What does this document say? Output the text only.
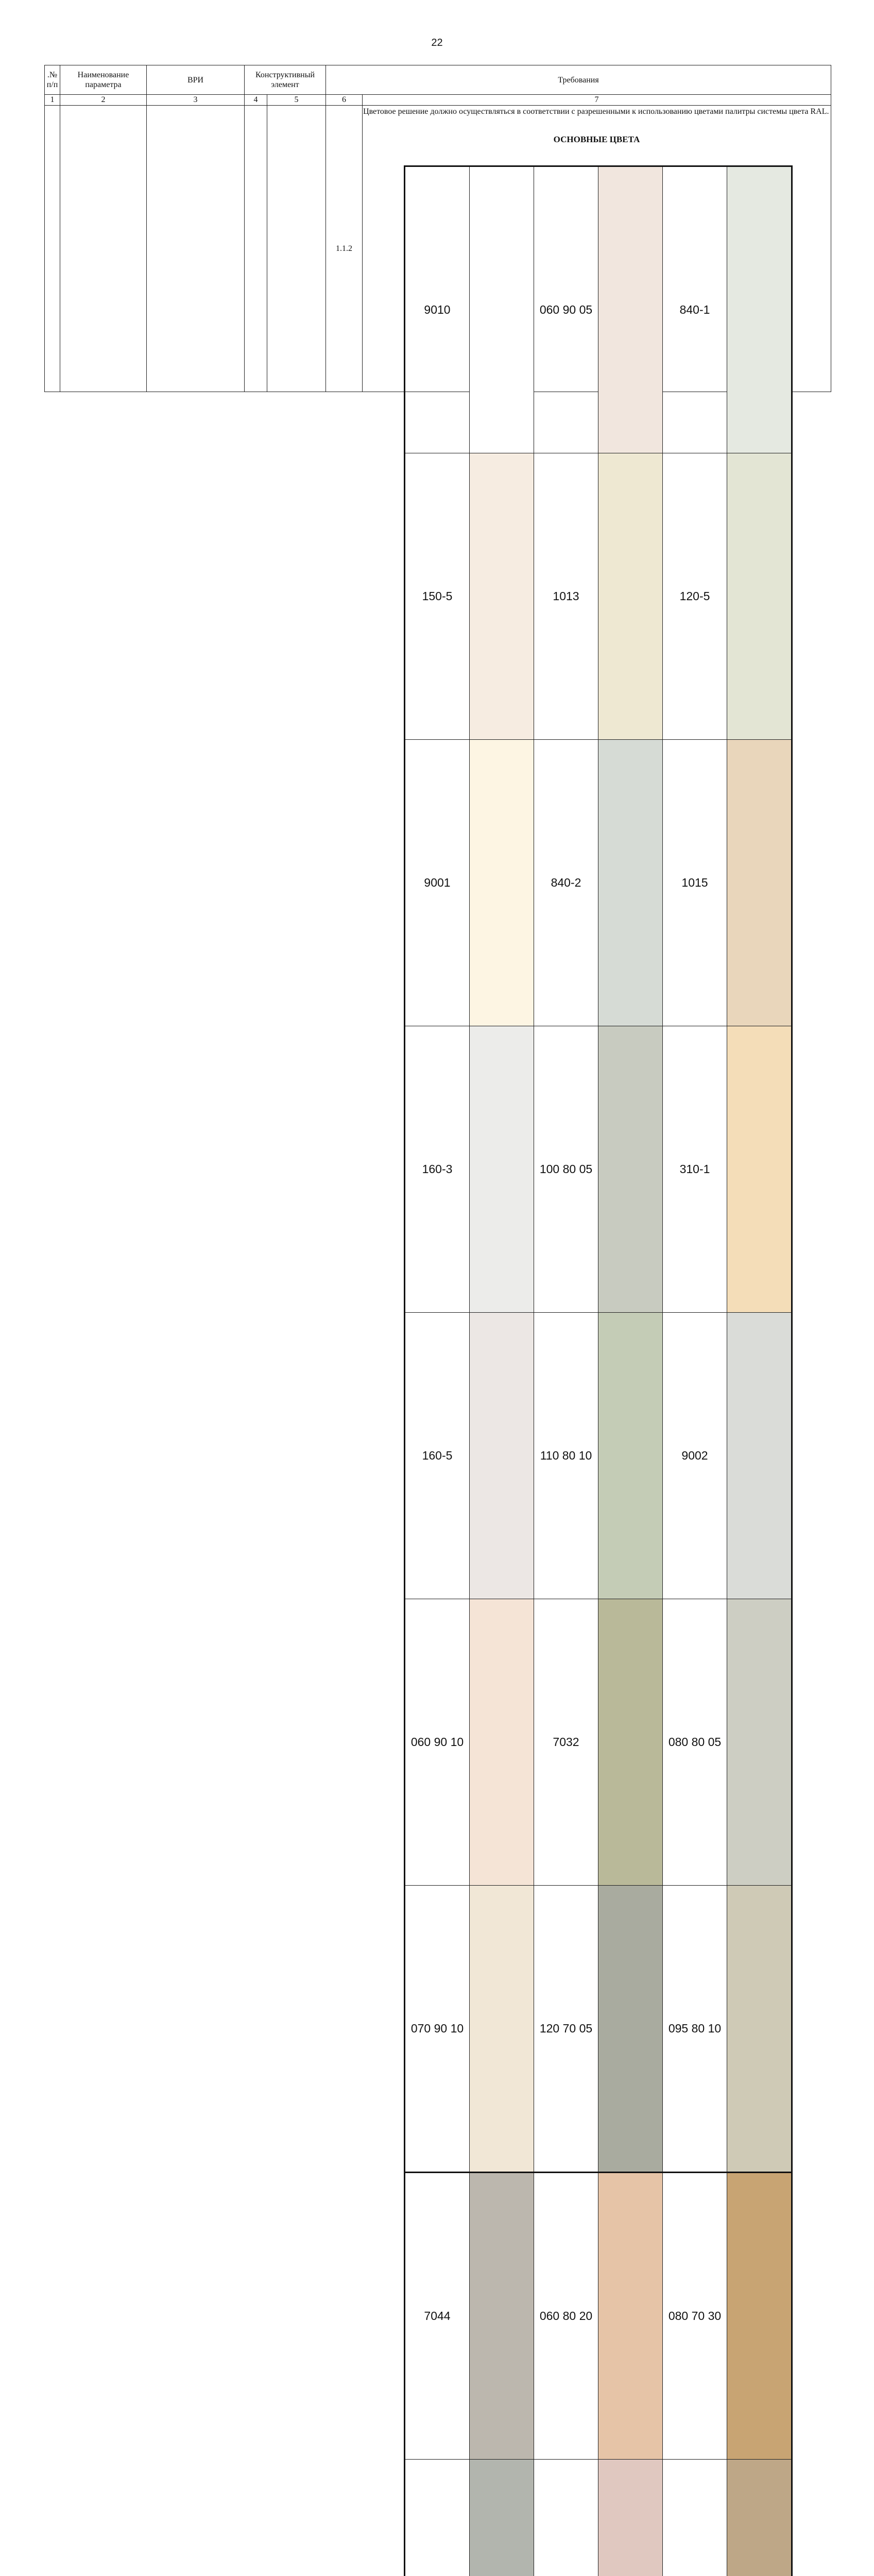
22
.№
п/п	Наименование параметра	ВРИ	Конструктивный элемент	Требования
1	2	3	4	5	6	7
					1.1.2	
Цветовое решение должно осуществляться в соответствии с разрешенными к использованию цветами палитры системы цвета RAL.
ОСНОВНЫЕ ЦВЕТА
9010		060 90 05		840-1	
150-5		1013		120-5	
9001		840-2		1015	
160-3		100 80 05		310-1	
160-5		110 80 10		9002	
060 90 10		7032		080 80 05	
070 90 10		120 70 05		095 80 10	
7044		060 80 20		080 70 30	
